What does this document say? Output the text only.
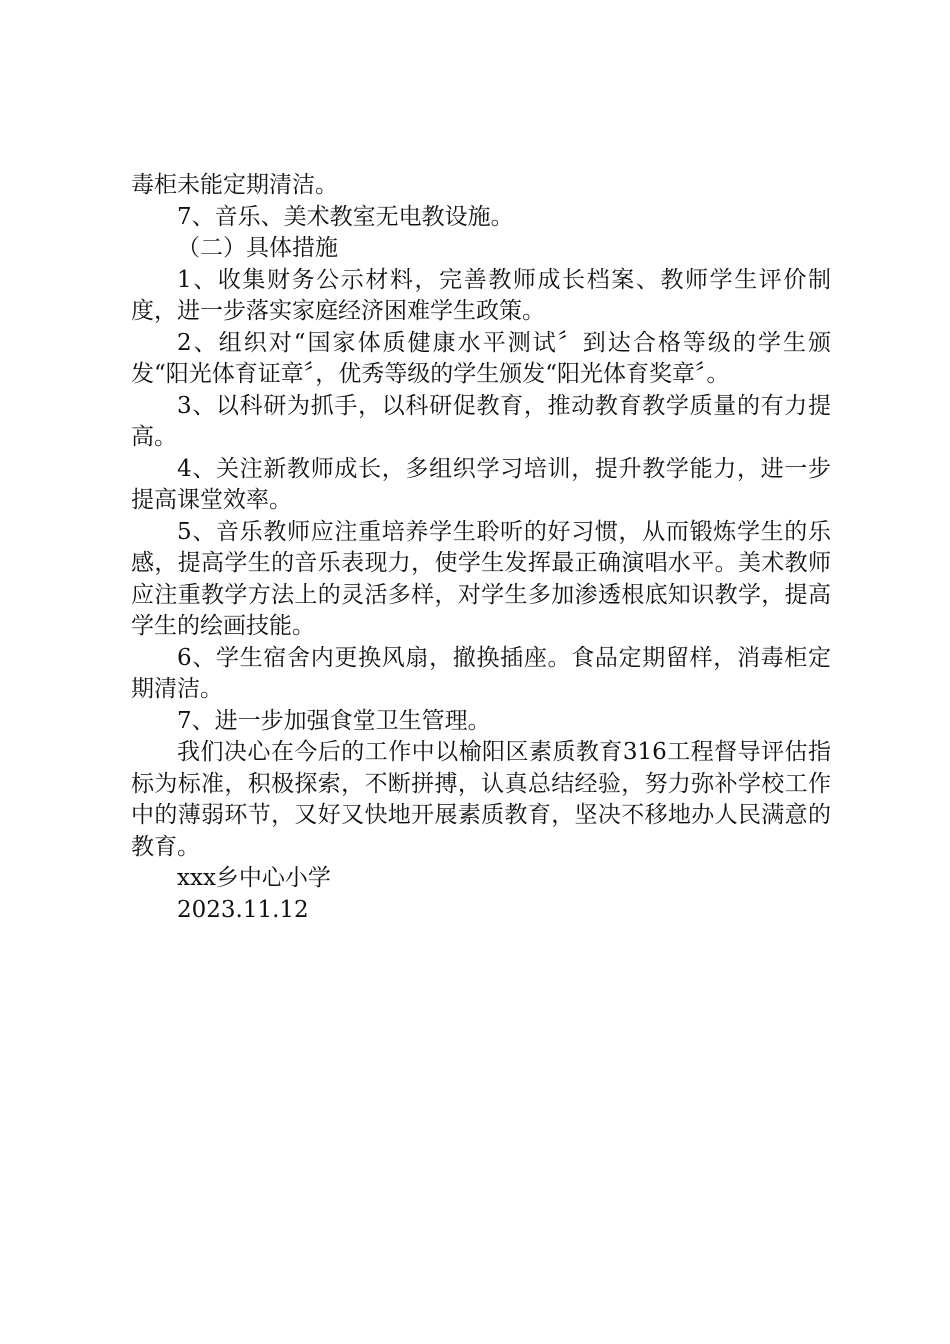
毒柜未能定期清洁。

7、音乐、美术教室无电教设施。

（二）具体措施

1、收集财务公示材料，完善教师成长档案、教师学生评价制度，进一步落实家庭经济困难学生政策。

2、组织对“国家体质健康水平测试〞到达合格等级的学生颁发“阳光体育证章〞，优秀等级的学生颁发“阳光体育奖章〞。

3、以科研为抓手，以科研促教育，推动教育教学质量的有力提高。

4、关注新教师成长，多组织学习培训，提升教学能力，进一步提高课堂效率。

5、音乐教师应注重培养学生聆听的好习惯，从而锻炼学生的乐感，提高学生的音乐表现力，使学生发挥最正确演唱水平。美术教师应注重教学方法上的灵活多样，对学生多加渗透根底知识教学，提高学生的绘画技能。

6、学生宿舍内更换风扇，撤换插座。食品定期留样，消毒柜定期清洁。

7、进一步加强食堂卫生管理。

我们决心在今后的工作中以榆阳区素质教育316工程督导评估指标为标准，积极探索，不断拼搏，认真总结经验，努力弥补学校工作中的薄弱环节，又好又快地开展素质教育，坚决不移地办人民满意的教育。

xxx乡中心小学

2023.11.12
